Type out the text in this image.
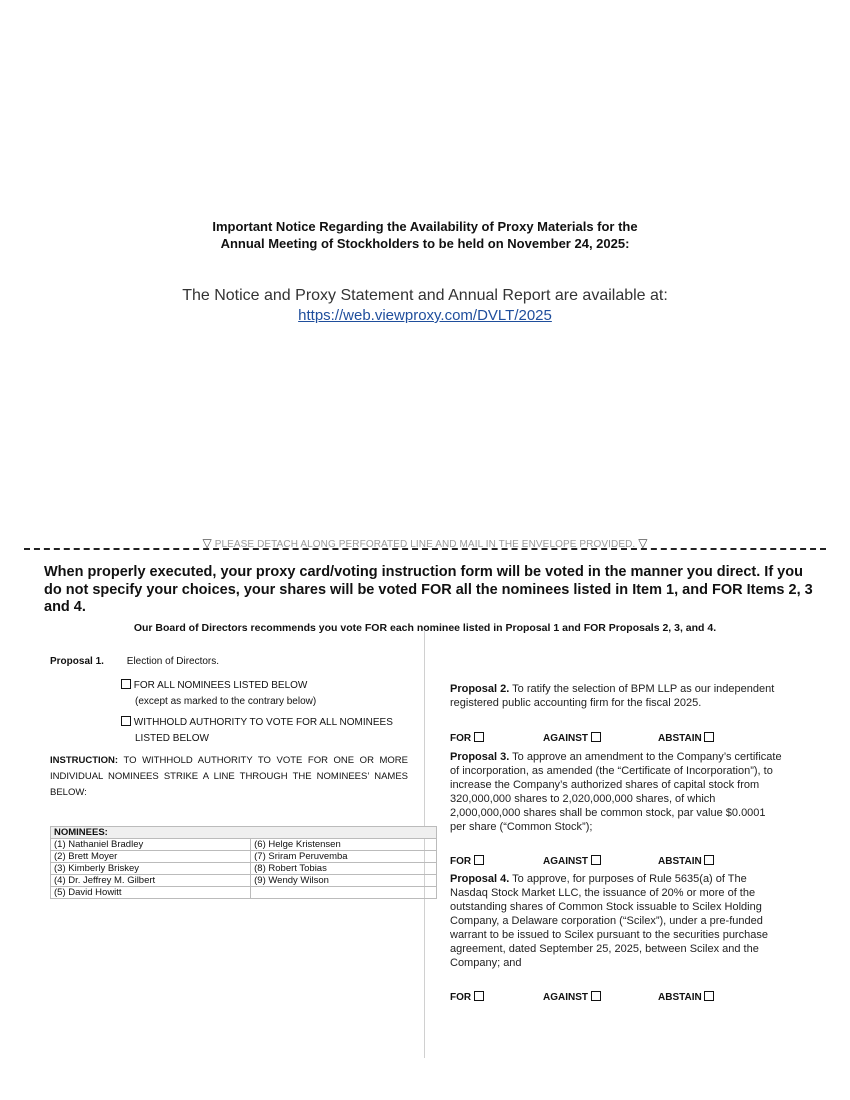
Important Notice Regarding the Availability of Proxy Materials for the
Annual Meeting of Stockholders to be held on November 24, 2025:
The Notice and Proxy Statement and Annual Report are available at:
https://web.viewproxy.com/DVLT/2025
▽ PLEASE DETACH ALONG PERFORATED LINE AND MAIL IN THE ENVELOPE PROVIDED. ▽
When properly executed, your proxy card/voting instruction form will be voted in the manner you direct. If you do not specify your choices, your shares will be voted FOR all the nominees listed in Item 1, and FOR Items 2, 3 and 4.
Our Board of Directors recommends you vote FOR each nominee listed in Proposal 1 and FOR Proposals 2, 3, and 4.
Proposal 1. Election of Directors.
FOR ALL NOMINEES LISTED BELOW
(except as marked to the contrary below)
WITHHOLD AUTHORITY TO VOTE FOR ALL NOMINEES
LISTED BELOW
INSTRUCTION: TO WITHHOLD AUTHORITY TO VOTE FOR ONE OR MORE INDIVIDUAL NOMINEES STRIKE A LINE THROUGH THE NOMINEES’ NAMES BELOW:
NOMINEES:	
(1) Nathaniel Bradley	(6) Helge Kristensen
(2) Brett Moyer	(7) Sriram Peruvemba
(3) Kimberly Briskey	(8) Robert Tobias
(4) Dr. Jeffrey M. Gilbert	(9) Wendy Wilson
(5) David Howitt	
Proposal 2. To ratify the selection of BPM LLP as our independent registered public accounting firm for the fiscal 2025.
FOR	AGAINST	ABSTAIN
Proposal 3. To approve an amendment to the Company’s certificate of incorporation, as amended (the “Certificate of Incorporation”), to increase the Company’s authorized shares of capital stock from 320,000,000 shares to 2,020,000,000 shares, of which 2,000,000,000 shares shall be common stock, par value $0.0001 per share (“Common Stock”);
FOR	AGAINST	ABSTAIN
Proposal 4. To approve, for purposes of Rule 5635(a) of The Nasdaq Stock Market LLC, the issuance of 20% or more of the outstanding shares of Common Stock issuable to Scilex Holding Company, a Delaware corporation (“Scilex”), under a pre-funded warrant to be issued to Scilex pursuant to the securities purchase agreement, dated September 25, 2025, between Scilex and the Company; and
FOR	AGAINST	ABSTAIN
